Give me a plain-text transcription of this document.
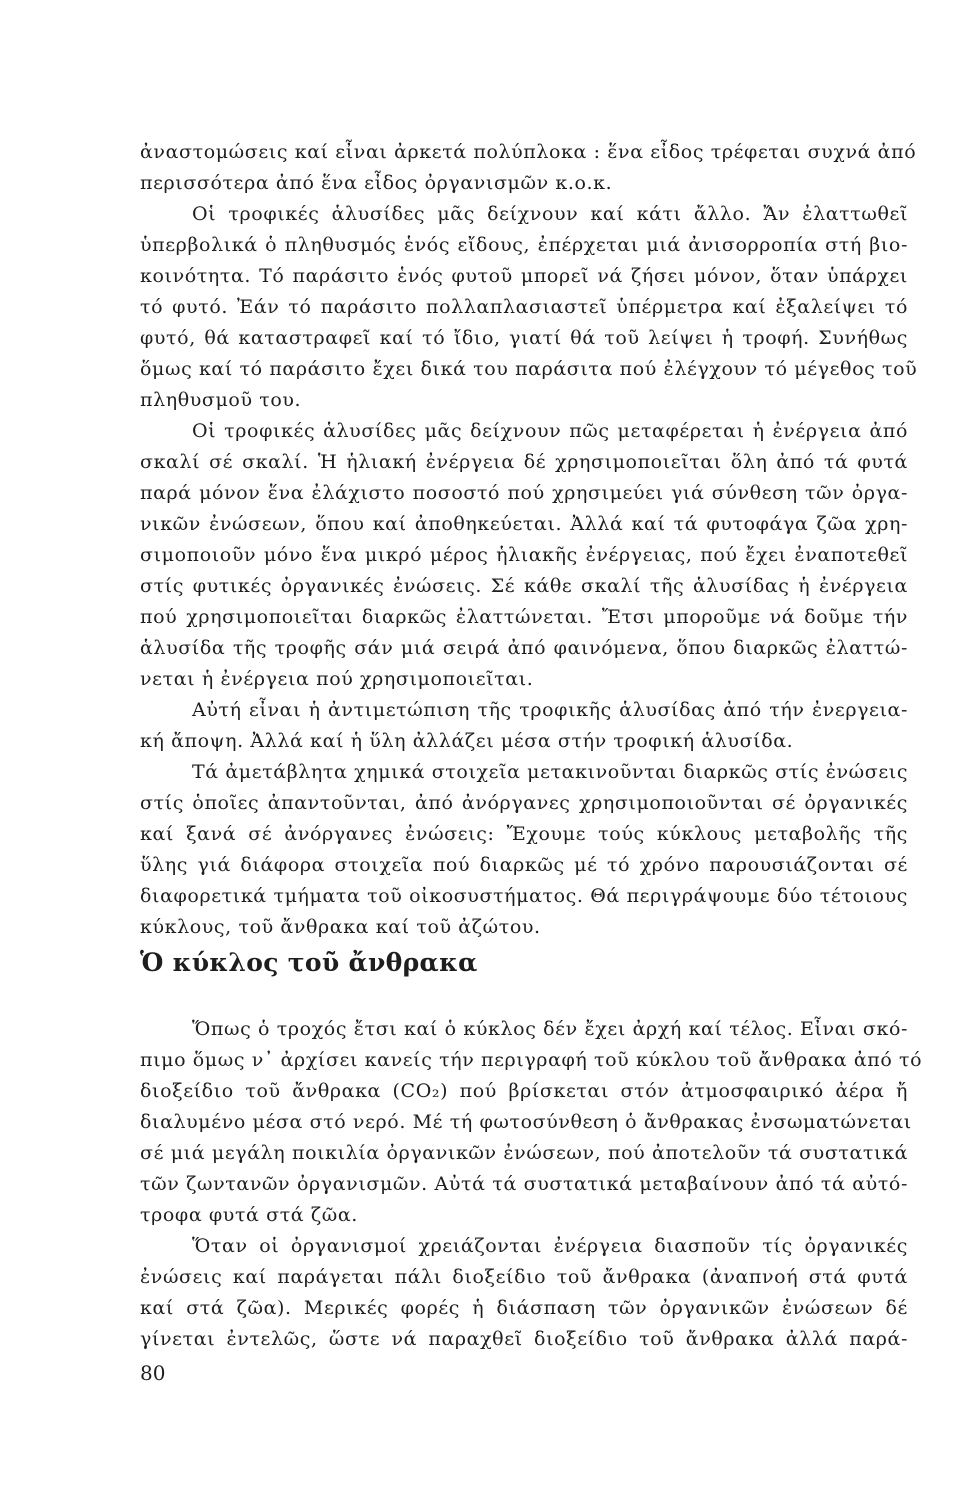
ἀναστομώσεις καί εἶναι ἀρκετά πολύπλοκα : ἕνα εἶδος τρέφεται συχνά ἀπό
περισσότερα ἀπό ἕνα εἶδος ὀργανισμῶν κ.ο.κ.
Οἱ τροφικές ἁλυσίδες μᾶς δείχνουν καί κάτι ἄλλο. Ἄν ἐλαττωθεῖ
ὑπερβολικά ὁ πληθυσμός ἑνός εἴδους, ἐπέρχεται μιά ἀνισορροπία στή βιο-
κοινότητα. Τό παράσιτο ἑνός φυτοῦ μπορεῖ νά ζήσει μόνον, ὅταν ὑπάρχει
τό φυτό. Ἐάν τό παράσιτο πολλαπλασιαστεῖ ὑπέρμετρα καί ἐξαλείψει τό
φυτό, θά καταστραφεῖ καί τό ἴδιο, γιατί θά τοῦ λείψει ἡ τροφή. Συνήθως
ὅμως καί τό παράσιτο ἔχει δικά του παράσιτα πού ἐλέγχουν τό μέγεθος τοῦ
πληθυσμοῦ του.
Οἱ τροφικές ἁλυσίδες μᾶς δείχνουν πῶς μεταφέρεται ἡ ἐνέργεια ἀπό
σκαλί σέ σκαλί. Ἡ ἡλιακή ἐνέργεια δέ χρησιμοποιεῖται ὅλη ἀπό τά φυτά
παρά μόνον ἕνα ἐλάχιστο ποσοστό πού χρησιμεύει γιά σύνθεση τῶν ὀργα-
νικῶν ἐνώσεων, ὅπου καί ἀποθηκεύεται. Ἀλλά καί τά φυτοφάγα ζῶα χρη-
σιμοποιοῦν μόνο ἕνα μικρό μέρος ἡλιακῆς ἐνέργειας, πού ἔχει ἐναποτεθεῖ
στίς φυτικές ὀργανικές ἐνώσεις. Σέ κάθε σκαλί τῆς ἁλυσίδας ἡ ἐνέργεια
πού χρησιμοποιεῖται διαρκῶς ἐλαττώνεται. Ἔτσι μποροῦμε νά δοῦμε τήν
ἁλυσίδα τῆς τροφῆς σάν μιά σειρά ἀπό φαινόμενα, ὅπου διαρκῶς ἐλαττώ-
νεται ἡ ἐνέργεια πού χρησιμοποιεῖται.
Αὐτή εἶναι ἡ ἀντιμετώπιση τῆς τροφικῆς ἁλυσίδας ἀπό τήν ἐνεργεια-
κή ἄποψη. Ἀλλά καί ἡ ὕλη ἀλλάζει μέσα στήν τροφική ἁλυσίδα.
Τά ἀμετάβλητα χημικά στοιχεῖα μετακινοῦνται διαρκῶς στίς ἐνώσεις
στίς ὁποῖες ἀπαντοῦνται, ἀπό ἀνόργανες χρησιμοποιοῦνται σέ ὀργανικές
καί ξανά σέ ἀνόργανες ἐνώσεις: Ἔχουμε τούς κύκλους μεταβολῆς τῆς
ὕλης γιά διάφορα στοιχεῖα πού διαρκῶς μέ τό χρόνο παρουσιάζονται σέ
διαφορετικά τμήματα τοῦ οἰκοσυστήματος. Θά περιγράψουμε δύο τέτοιους
κύκλους, τοῦ ἄνθρακα καί τοῦ ἀζώτου.
Ὁ κύκλος τοῦ ἄνθρακα
Ὅπως ὁ τροχός ἔτσι καί ὁ κύκλος δέν ἔχει ἀρχή καί τέλος. Εἶναι σκό-
πιμο ὅμως ν᾽ ἀρχίσει κανείς τήν περιγραφή τοῦ κύκλου τοῦ ἄνθρακα ἀπό τό
διοξείδιο τοῦ ἄνθρακα (CO₂) πού βρίσκεται στόν ἀτμοσφαιρικό ἀέρα ἤ
διαλυμένο μέσα στό νερό. Μέ τή φωτοσύνθεση ὁ ἄνθρακας ἐνσωματώνεται
σέ μιά μεγάλη ποικιλία ὀργανικῶν ἐνώσεων, πού ἀποτελοῦν τά συστατικά
τῶν ζωντανῶν ὀργανισμῶν. Αὐτά τά συστατικά μεταβαίνουν ἀπό τά αὐτό-
τροφα φυτά στά ζῶα.
Ὅταν οἱ ὀργανισμοί χρειάζονται ἐνέργεια διασποῦν τίς ὀργανικές
ἐνώσεις καί παράγεται πάλι διοξείδιο τοῦ ἄνθρακα (ἀναπνοή στά φυτά
καί στά ζῶα). Μερικές φορές ἡ διάσπαση τῶν ὀργανικῶν ἐνώσεων δέ
γίνεται ἐντελῶς, ὥστε νά παραχθεῖ διοξείδιο τοῦ ἄνθρακα ἀλλά παρά-
80
